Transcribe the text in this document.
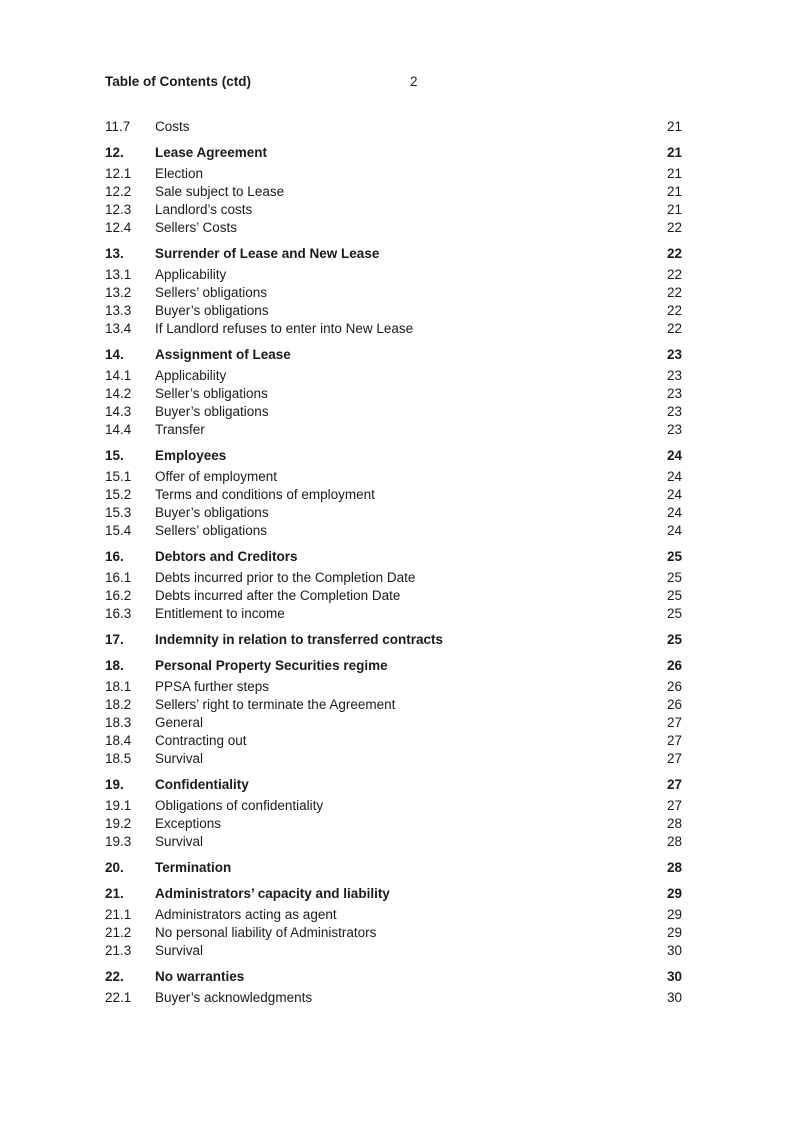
Table of Contents (ctd)	2
11.7	Costs	21
12.	Lease Agreement	21
12.1	Election	21
12.2	Sale subject to Lease	21
12.3	Landlord’s costs	21
12.4	Sellers’ Costs	22
13.	Surrender of Lease and New Lease	22
13.1	Applicability	22
13.2	Sellers’ obligations	22
13.3	Buyer’s obligations	22
13.4	If Landlord refuses to enter into New Lease	22
14.	Assignment of Lease	23
14.1	Applicability	23
14.2	Seller’s obligations	23
14.3	Buyer’s obligations	23
14.4	Transfer	23
15.	Employees	24
15.1	Offer of employment	24
15.2	Terms and conditions of employment	24
15.3	Buyer’s obligations	24
15.4	Sellers’ obligations	24
16.	Debtors and Creditors	25
16.1	Debts incurred prior to the Completion Date	25
16.2	Debts incurred after the Completion Date	25
16.3	Entitlement to income	25
17.	Indemnity in relation to transferred contracts	25
18.	Personal Property Securities regime	26
18.1	PPSA further steps	26
18.2	Sellers’ right to terminate the Agreement	26
18.3	General	27
18.4	Contracting out	27
18.5	Survival	27
19.	Confidentiality	27
19.1	Obligations of confidentiality	27
19.2	Exceptions	28
19.3	Survival	28
20.	Termination	28
21.	Administrators’ capacity and liability	29
21.1	Administrators acting as agent	29
21.2	No personal liability of Administrators	29
21.3	Survival	30
22.	No warranties	30
22.1	Buyer’s acknowledgments	30
